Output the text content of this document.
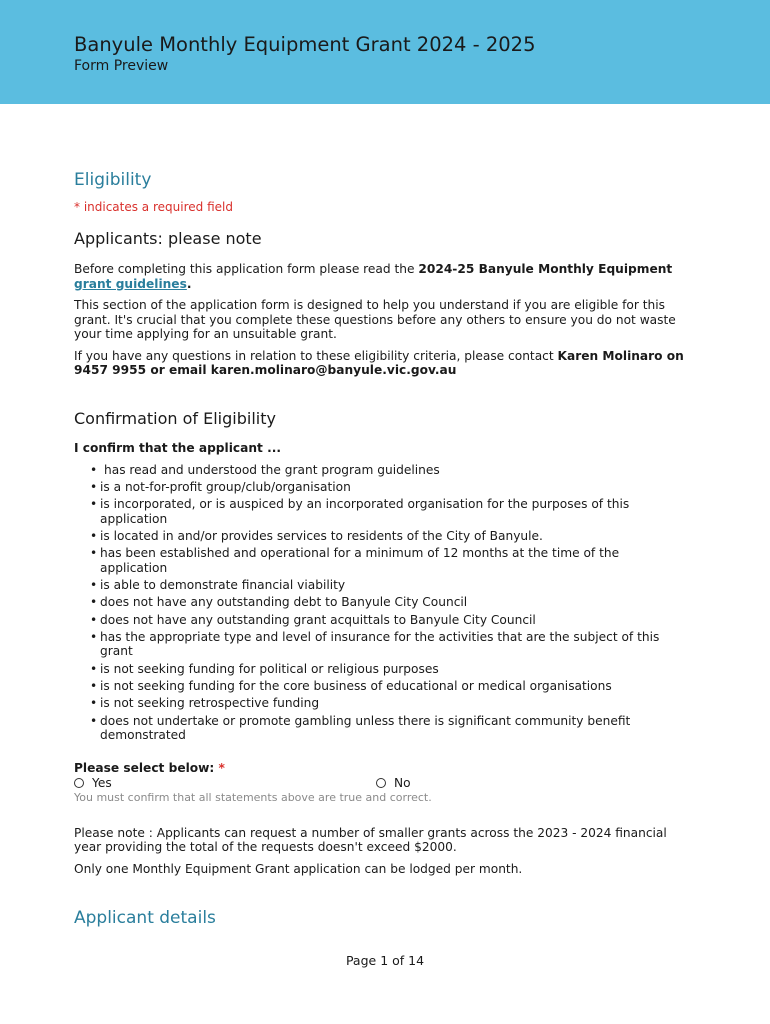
Banyule Monthly Equipment Grant 2024 - 2025
Form Preview
Eligibility
* indicates a required field
Applicants: please note

Before completing this application form please read the 2024-25 Banyule Monthly Equipment grant guidelines.

This section of the application form is designed to help you understand if you are eligible for this grant. It's crucial that you complete these questions before any others to ensure you do not waste your time applying for an unsuitable grant.

If you have any questions in relation to these eligibility criteria, please contact Karen Molinaro on 9457 9955 or email karen.molinaro@banyule.vic.gov.au

Confirmation of Eligibility
I confirm that the applicant ...
• has read and understood the grant program guidelines
• is a not-for-profit group/club/organisation
• is incorporated, or is auspiced by an incorporated organisation for the purposes of this application
• is located in and/or provides services to residents of the City of Banyule.
• has been established and operational for a minimum of 12 months at the time of the application
• is able to demonstrate financial viability
• does not have any outstanding debt to Banyule City Council
• does not have any outstanding grant acquittals to Banyule City Council
• has the appropriate type and level of insurance for the activities that are the subject of this grant
• is not seeking funding for political or religious purposes
• is not seeking funding for the core business of educational or medical organisations
• is not seeking retrospective funding
• does not undertake or promote gambling unless there is significant community benefit demonstrated
Please select below: *
Yes	No
You must confirm that all statements above are true and correct.

Please note : Applicants can request a number of smaller grants across the 2023 - 2024 financial year providing the total of the requests doesn't exceed $2000.

Only one Monthly Equipment Grant application can be lodged per month.

Applicant details
Page 1 of 14
